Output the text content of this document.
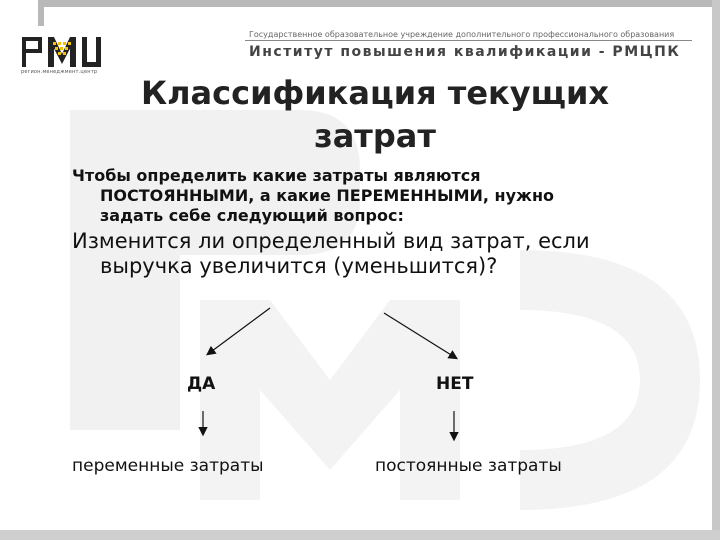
регион.менеджмент.центр
Государственное образовательное учреждение дополнительного профессионального образования
Институт повышения квалификации - РМЦПК
Классификация текущих
затрат
Чтобы определить какие затраты являются
ПОСТОЯННЫМИ, а какие ПЕРЕМЕННЫМИ, нужно
задать себе следующий вопрос:
Изменится ли определенный вид затрат, если
выручка увеличится (уменьшится)?
ДА	НЕТ
переменные затраты	постоянные затраты
